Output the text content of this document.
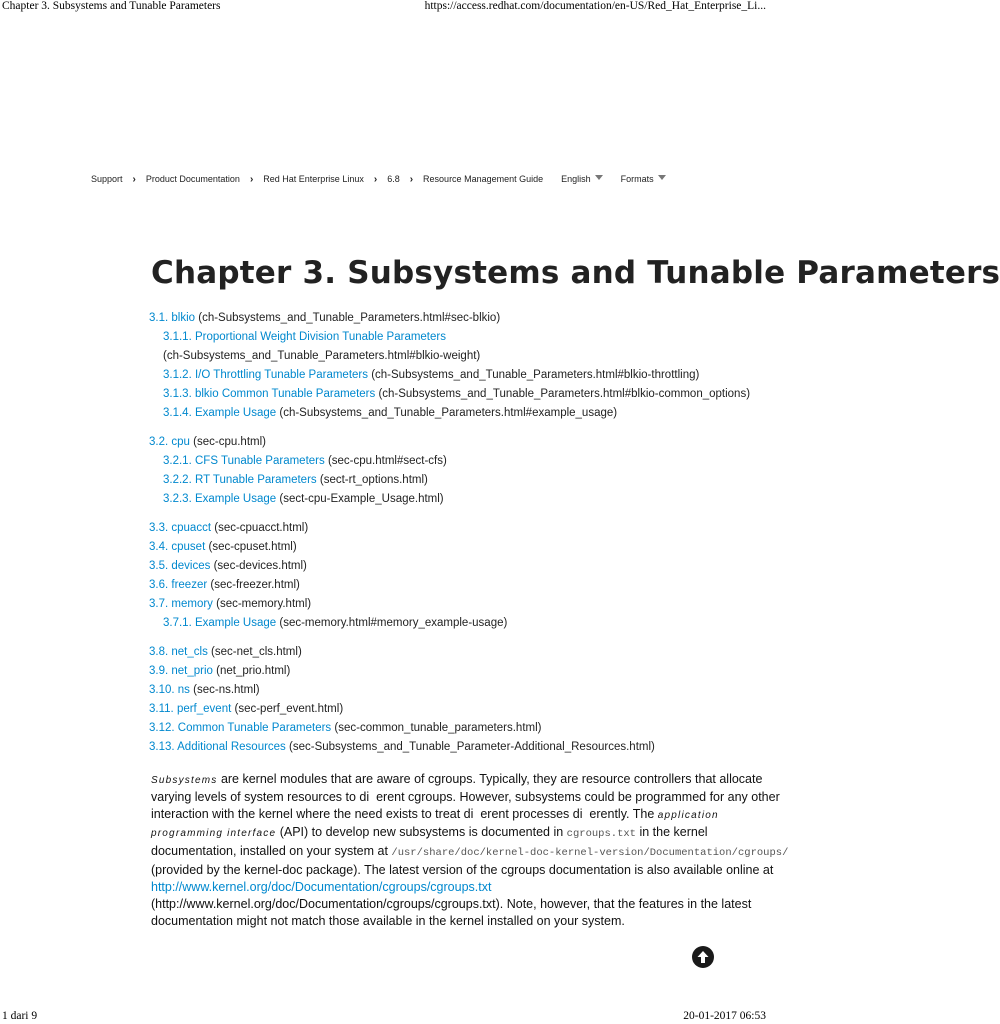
Chapter 3. Subsystems and Tunable Parameters	https://access.redhat.com/documentation/en-US/Red_Hat_Enterprise_Li...
Support › Product Documentation › Red Hat Enterprise Linux › 6.8 › Resource Management Guide English	Formats
Chapter 3. Subsystems and Tunable Parameters
3.1. blkio (ch-Subsystems_and_Tunable_Parameters.html#sec-blkio)
3.1.1. Proportional Weight Division Tunable Parameters
(ch-Subsystems_and_Tunable_Parameters.html#blkio-weight)
3.1.2. I/O Throttling Tunable Parameters (ch-Subsystems_and_Tunable_Parameters.html#blkio-throttling)
3.1.3. blkio Common Tunable Parameters (ch-Subsystems_and_Tunable_Parameters.html#blkio-common_options)
3.1.4. Example Usage (ch-Subsystems_and_Tunable_Parameters.html#example_usage)
3.2. cpu (sec-cpu.html)
3.2.1. CFS Tunable Parameters (sec-cpu.html#sect-cfs)
3.2.2. RT Tunable Parameters (sect-rt_options.html)
3.2.3. Example Usage (sect-cpu-Example_Usage.html)
3.3. cpuacct (sec-cpuacct.html)
3.4. cpuset (sec-cpuset.html)
3.5. devices (sec-devices.html)
3.6. freezer (sec-freezer.html)
3.7. memory (sec-memory.html)
3.7.1. Example Usage (sec-memory.html#memory_example-usage)
3.8. net_cls (sec-net_cls.html)
3.9. net_prio (net_prio.html)
3.10. ns (sec-ns.html)
3.11. perf_event (sec-perf_event.html)
3.12. Common Tunable Parameters (sec-common_tunable_parameters.html)
3.13. Additional Resources (sec-Subsystems_and_Tunable_Parameter-Additional_Resources.html)

Subsystems are kernel modules that are aware of cgroups. Typically, they are resource controllers that allocate varying levels of system resources to di  erent cgroups. However, subsystems could be programmed for any other interaction with the kernel where the need exists to treat di  erent processes di  erently. The application programming interface (API) to develop new subsystems is documented in cgroups.txt in the kernel documentation, installed on your system at /usr/share/doc/kernel-doc-kernel-version/Documentation/cgroups/ (provided by the kernel-doc package). The latest version of the cgroups documentation is also available online at http://www.kernel.org/doc/Documentation/cgroups/cgroups.txt (http://www.kernel.org/doc/Documentation/cgroups/cgroups.txt). Note, however, that the features in the latest documentation might not match those available in the kernel installed on your system.

1 dari 9	20-01-2017 06:53
